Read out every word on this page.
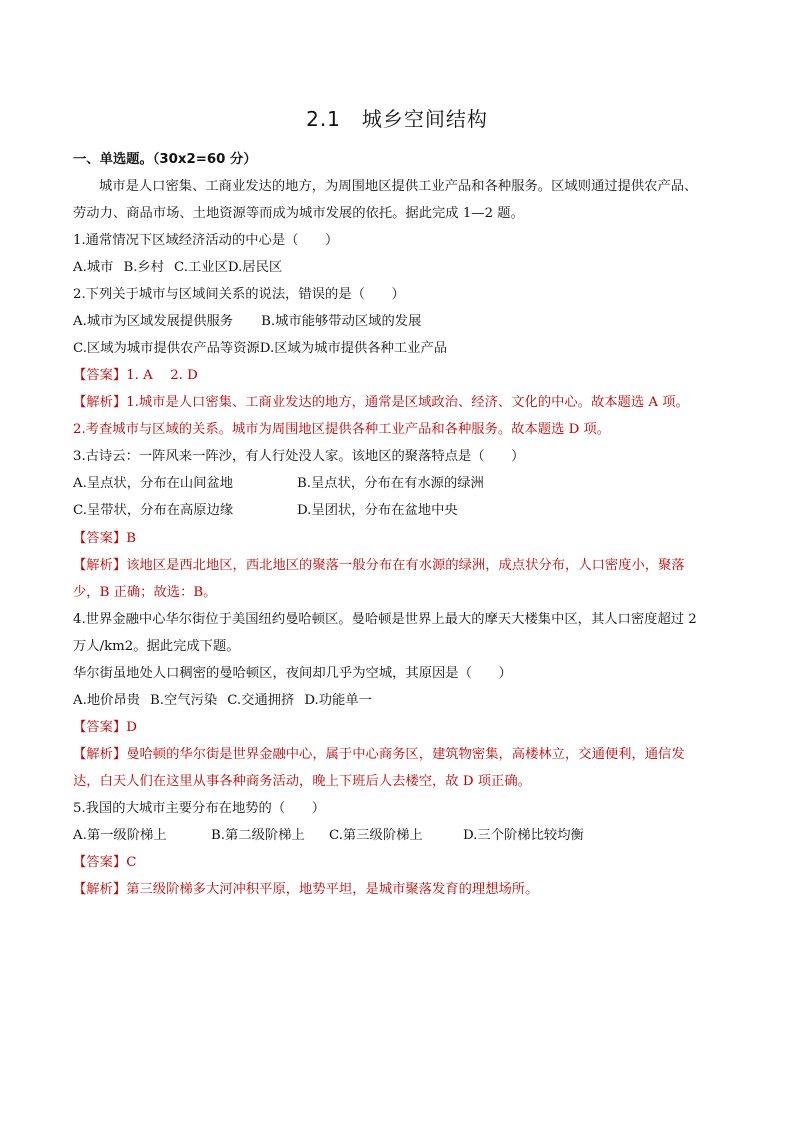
2.1　城乡空间结构
一、单选题。（30x2=60 分）
城市是人口密集、工商业发达的地方，为周围地区提供工业产品和各种服务。区域则通过提供农产品、
劳动力、商品市场、土地资源等而成为城市发展的依托。据此完成 1—2 题。
1.通常情况下区域经济活动的中心是（　　）
A.城市 B.乡村 C.工业区D.居民区
2.下列关于城市与区域间关系的说法，错误的是（　　）
A.城市为区域发展提供服务 B.城市能够带动区域的发展
C.区域为城市提供农产品等资源D.区域为城市提供各种工业产品
【答案】1. A　 2. D
【解析】1.城市是人口密集、工商业发达的地方，通常是区域政治、经济、文化的中心。故本题选 A 项。
2.考查城市与区域的关系。城市为周围地区提供各种工业产品和各种服务。故本题选 D 项。
3.古诗云：一阵风来一阵沙，有人行处没人家。该地区的聚落特点是（　　）
A.呈点状，分布在山间盆地	B.呈点状，分布在有水源的绿洲
C.呈带状，分布在高原边缘	D.呈团状，分布在盆地中央
【答案】B
【解析】该地区是西北地区，西北地区的聚落一般分布在有水源的绿洲，成点状分布，人口密度小，聚落
少，B 正确；故选：B。
4.世界金融中心华尔街位于美国纽约曼哈顿区。曼哈顿是世界上最大的摩天大楼集中区，其人口密度超过 2
万人/km2。据此完成下题。
华尔街虽地处人口稠密的曼哈顿区，夜间却几乎为空城，其原因是（　　）
A.地价昂贵 B.空气污染 C.交通拥挤 D.功能单一
【答案】D
【解析】曼哈顿的华尔街是世界金融中心，属于中心商务区，建筑物密集，高楼林立，交通便利，通信发
达，白天人们在这里从事各种商务活动，晚上下班后人去楼空，故 D 项正确。
5.我国的大城市主要分布在地势的（　　）
A.第一级阶梯上	B.第二级阶梯上 C.第三级阶梯上	D.三个阶梯比较均衡
【答案】C
【解析】第三级阶梯多大河冲积平原，地势平坦，是城市聚落发育的理想场所。
